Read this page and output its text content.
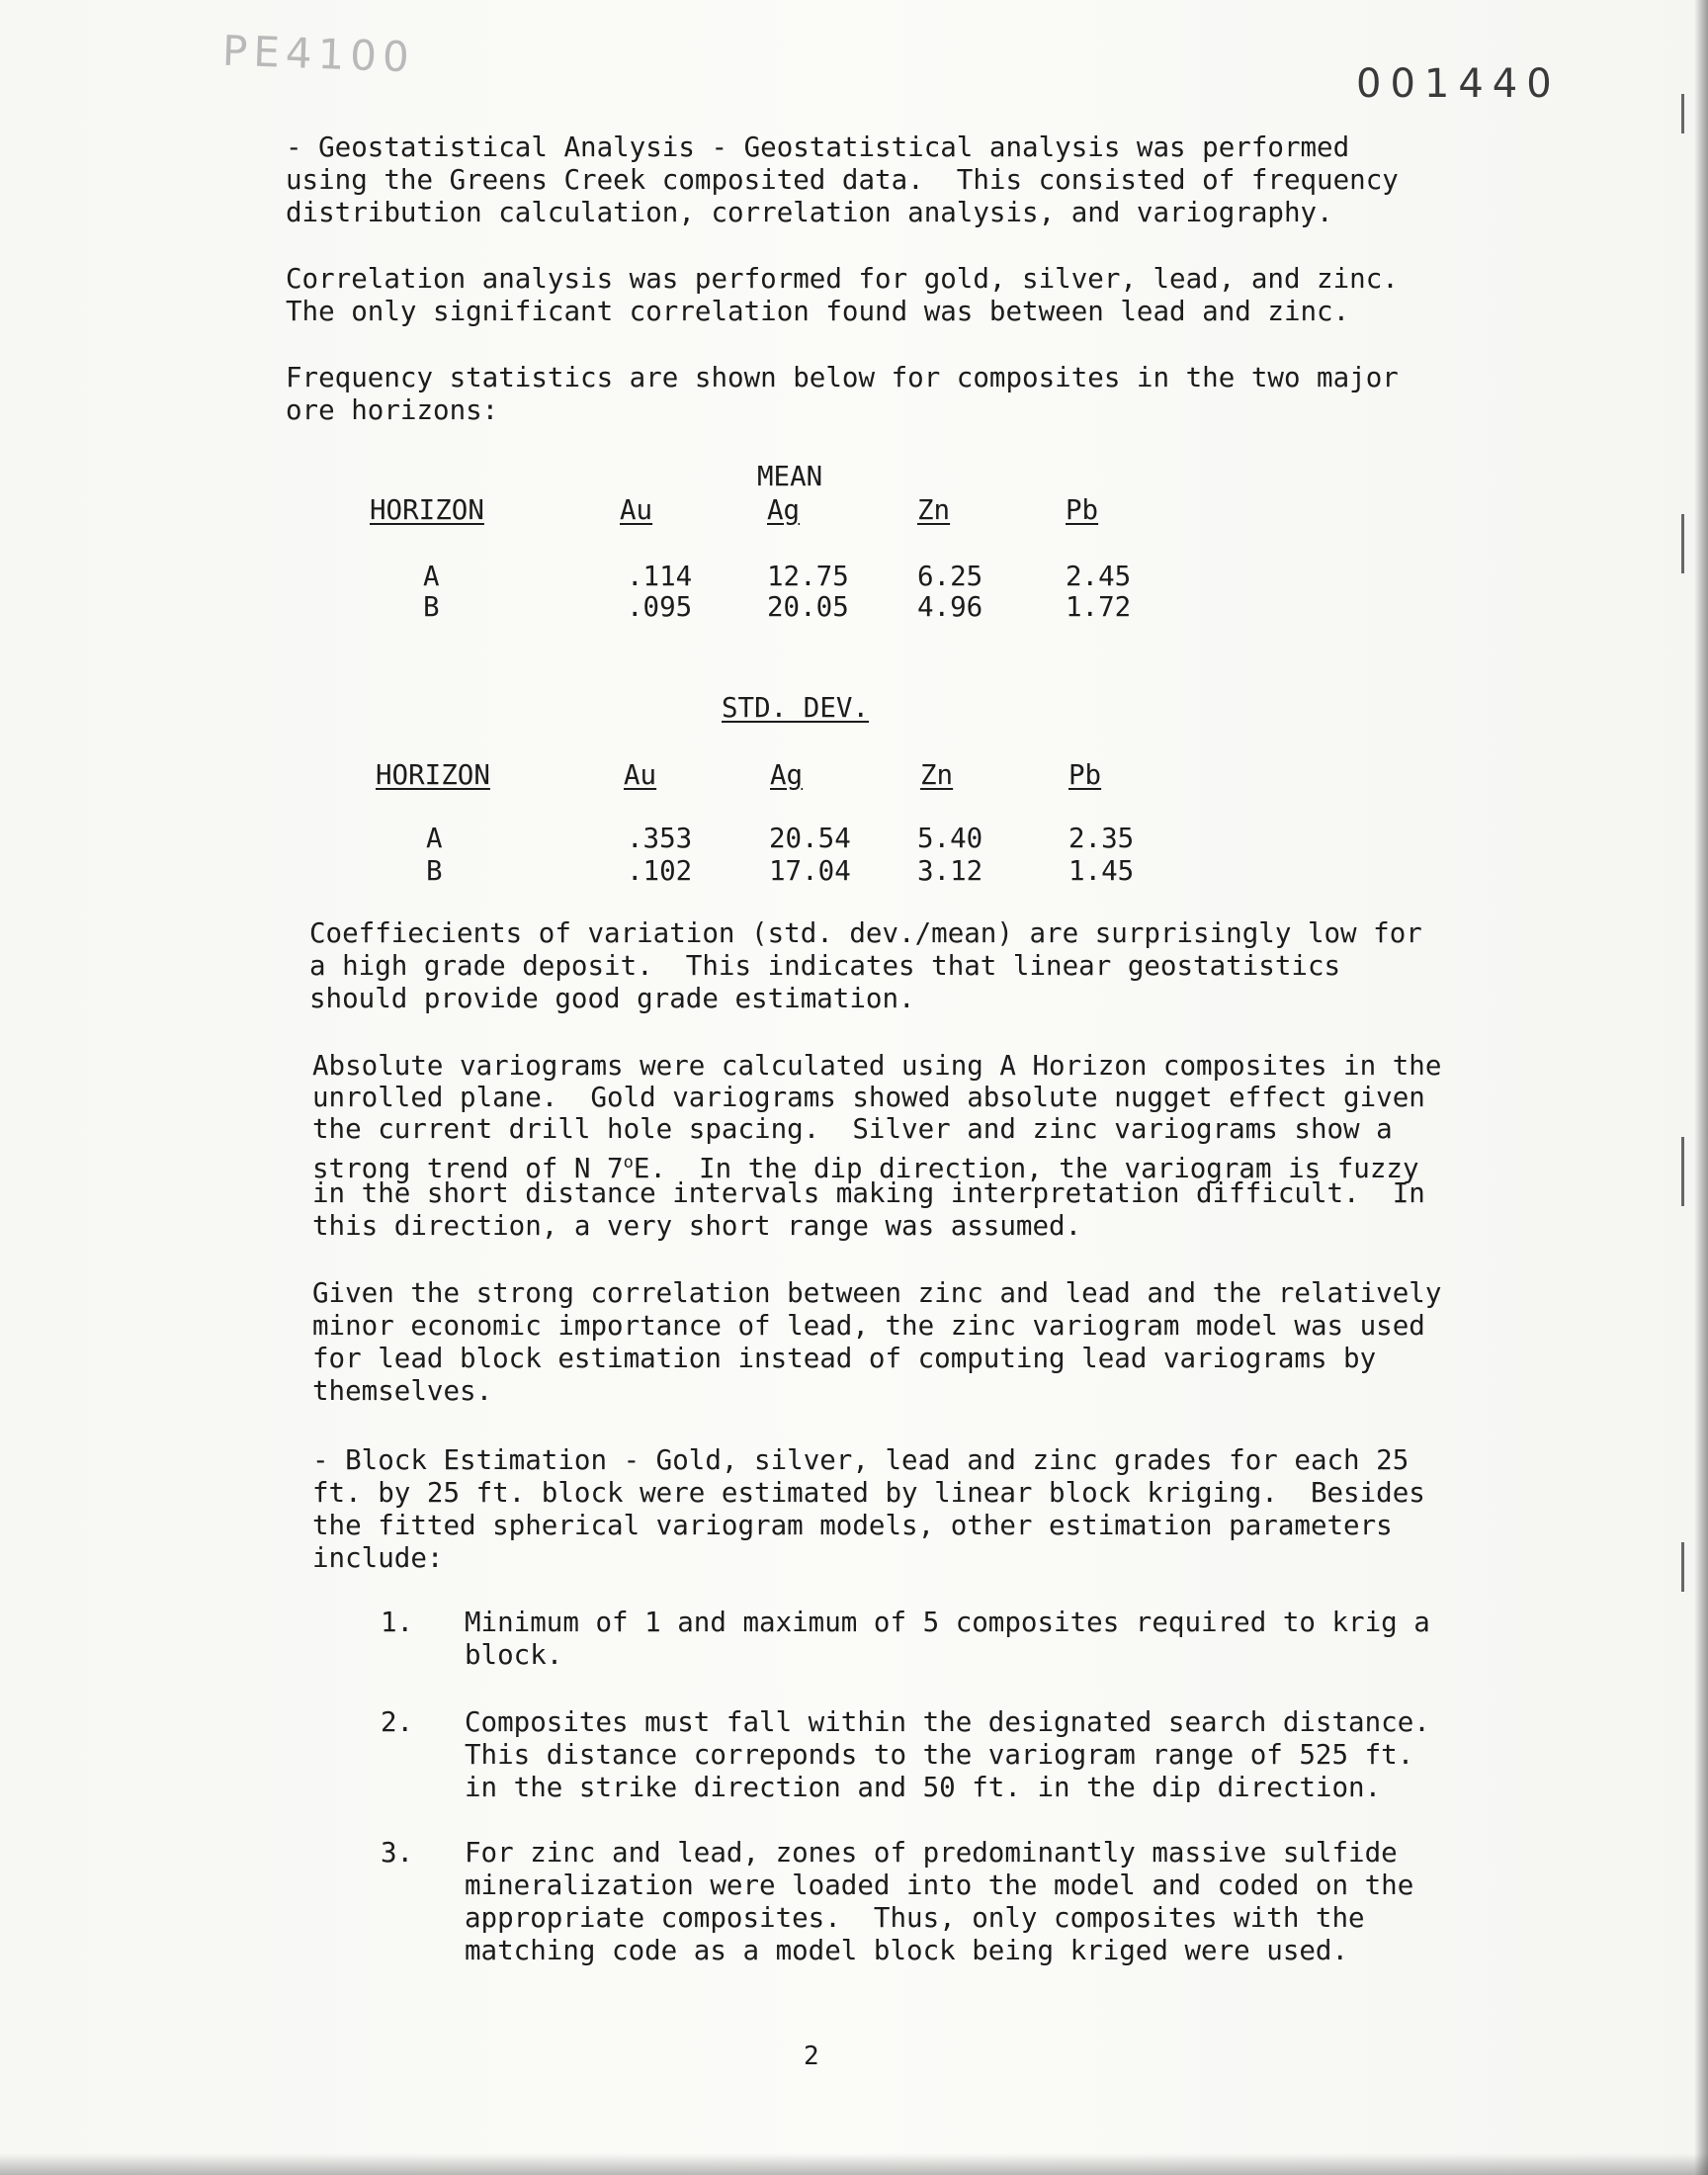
PE4100
001440
- Geostatistical Analysis - Geostatistical analysis was performed
using the Greens Creek composited data.  This consisted of frequency
distribution calculation, correlation analysis, and variography.
Correlation analysis was performed for gold, silver, lead, and zinc.
The only significant correlation found was between lead and zinc.
Frequency statistics are shown below for composites in the two major
ore horizons:
MEAN
HORIZON	Au	Ag	Zn	Pb
A	.114	12.75	6.25	2.45
B	.095	20.05	4.96	1.72
STD. DEV.
HORIZON	Au	Ag	Zn	Pb
A	.353	20.54 5.40	2.35
B	.102	17.04 3.12	1.45
Coeffiecients of variation (std. dev./mean) are surprisingly low for
a high grade deposit.  This indicates that linear geostatistics
should provide good grade estimation.
Absolute variograms were calculated using A Horizon composites in the
unrolled plane.  Gold variograms showed absolute nugget effect given
the current drill hole spacing.  Silver and zinc variograms show a
strong trend of N 7$^o$E.  In the dip direction, the variogram is fuzzy
in the short distance intervals making interpretation difficult.  In
this direction, a very short range was assumed.
Given the strong correlation between zinc and lead and the relatively
minor economic importance of lead, the zinc variogram model was used
for lead block estimation instead of computing lead variograms by
themselves.
- Block Estimation - Gold, silver, lead and zinc grades for each 25
ft. by 25 ft. block were estimated by linear block kriging.  Besides
the fitted spherical variogram models, other estimation parameters
include:
1. Minimum of 1 and maximum of 5 composites required to krig a
block.
2. Composites must fall within the designated search distance.
This distance correponds to the variogram range of 525 ft.
in the strike direction and 50 ft. in the dip direction.
3. For zinc and lead, zones of predominantly massive sulfide
mineralization were loaded into the model and coded on the
appropriate composites.  Thus, only composites with the
matching code as a model block being kriged were used.
2
